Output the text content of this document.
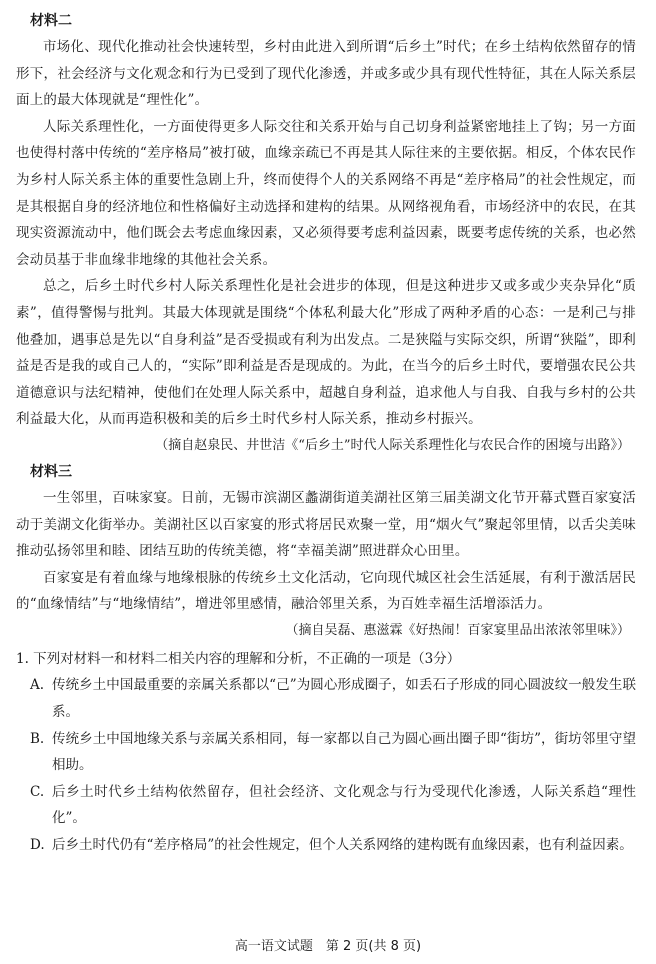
材料二

市场化、现代化推动社会快速转型，乡村由此进入到所谓“后乡土”时代；在乡土结构依然留存的情形下，社会经济与文化观念和行为已受到了现代化渗透，并或多或少具有现代性特征，其在人际关系层面上的最大体现就是“理性化”。

人际关系理性化，一方面使得更多人际交往和关系开始与自己切身利益紧密地挂上了钩；另一方面也使得村落中传统的“差序格局”被打破，血缘亲疏已不再是其人际往来的主要依据。相反，个体农民作为乡村人际关系主体的重要性急剧上升，终而使得个人的关系网络不再是“差序格局”的社会性规定，而是其根据自身的经济地位和性格偏好主动选择和建构的结果。从网络视角看，市场经济中的农民，在其现实资源流动中，他们既会去考虑血缘因素，又必须得要考虑利益因素，既要考虑传统的关系，也必然会动员基于非血缘非地缘的其他社会关系。

总之，后乡土时代乡村人际关系理性化是社会进步的体现，但是这种进步又或多或少夹杂异化“质素”，值得警惕与批判。其最大体现就是围绕“个体私利最大化”形成了两种矛盾的心态：一是利己与排他叠加，遇事总是先以“自身利益”是否受损或有利为出发点。二是狭隘与实际交织，所谓“狭隘”，即利益是否是我的或自己人的，“实际”即利益是否是现成的。为此，在当今的后乡土时代，要增强农民公共道德意识与法纪精神，使他们在处理人际关系中，超越自身利益，追求他人与自我、自我与乡村的公共利益最大化，从而再造积极和美的后乡土时代乡村人际关系，推动乡村振兴。

（摘自赵泉民、井世洁《“后乡土”时代人际关系理性化与农民合作的困境与出路》）

材料三

一生邻里，百味家宴。日前，无锡市滨湖区蠡湖街道美湖社区第三届美湖文化节开幕式暨百家宴活动于美湖文化街举办。美湖社区以百家宴的形式将居民欢聚一堂，用“烟火气”聚起邻里情，以舌尖美味推动弘扬邻里和睦、团结互助的传统美德，将“幸福美湖”照进群众心田里。

百家宴是有着血缘与地缘根脉的传统乡土文化活动，它向现代城区社会生活延展，有利于激活居民的“血缘情结”与“地缘情结”，增进邻里感情，融洽邻里关系，为百姓幸福生活增添活力。

（摘自吴磊、惠滋霖《好热闹！百家宴里品出浓浓邻里味》）

1. 下列对材料一和材料二相关内容的理解和分析，不正确的一项是（3分）

A. 传统乡土中国最重要的亲属关系都以“己”为圆心形成圈子，如丢石子形成的同心圆波纹一般发生联系。
B. 传统乡土中国地缘关系与亲属关系相同，每一家都以自己为圆心画出圈子即“街坊”，街坊邻里守望相助。
C. 后乡土时代乡土结构依然留存，但社会经济、文化观念与行为受现代化渗透，人际关系趋“理性化”。
D. 后乡土时代仍有“差序格局”的社会性规定，但个人关系网络的建构既有血缘因素，也有利益因素。
高一语文试题　第 2 页(共 8 页)
